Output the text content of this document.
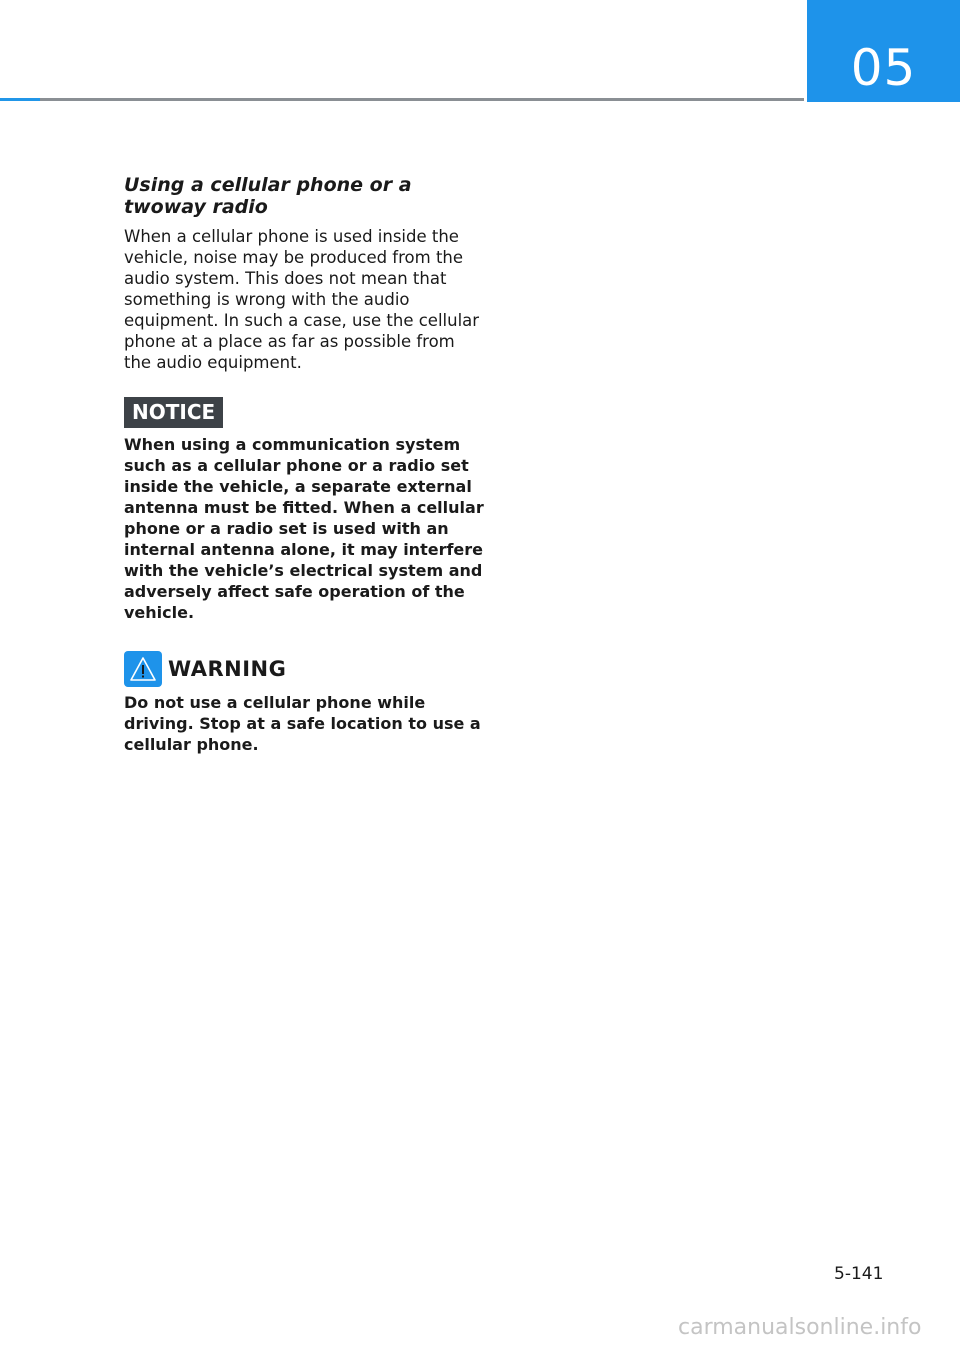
05
Using a cellular phone or a twoway radio

When a cellular phone is used inside the vehicle, noise may be produced from the audio system. This does not mean that something is wrong with the audio equipment. In such a case, use the cellular phone at a place as far as possible from the audio equipment.

NOTICE

When using a communication system such as a cellular phone or a radio set inside the vehicle, a separate external antenna must be fitted. When a cellular phone or a radio set is used with an internal antenna alone, it may interfere with the vehicle’s electrical system and adversely affect safe operation of the vehicle.

WARNING

Do not use a cellular phone while driving. Stop at a safe location to use a cellular phone.

5-141
carmanualsonline.info
